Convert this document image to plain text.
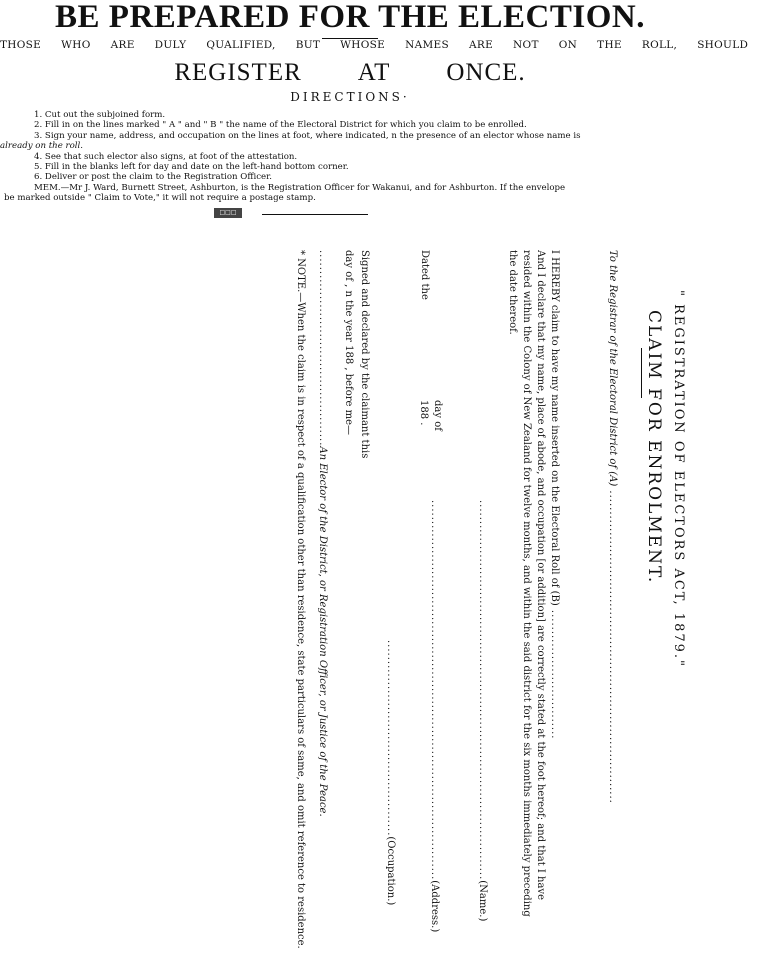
BE PREPARED FOR THE ELECTION.
THOSE WHO ARE DULY QUALIFIED, BUT WHOSE NAMES ARE NOT ON THE ROLL, SHOULD
REGISTER AT ONCE.
DIRECTIONS·
1. Cut out the subjoined form.
2. Fill in on the lines marked " A " and " B " the name of the Electoral District for which you claim to be enrolled.
3. Sign your name, address, and occupation on the lines at foot, where indicated, n the presence of an elector whose name is
already on the roll.
4. See that such elector also signs, at foot of the attestation.
5. Fill in the blanks left for day and date on the left-hand bottom corner.
6. Deliver or post the claim to the Registration Officer.
MEM.—Mr J. Ward, Burnett Street, Ashburton, is the Registration Officer for Wakanui, and for Ashburton. If the envelope
be marked outside " Claim to Vote," it will not require a postage stamp.
□□□
" REGISTRATION OF ELECTORS ACT, 1879."
CLAIM FOR ENROLMENT.
To the Registrar of the Electoral District of (A) ...........................................................................
I HEREBY claim to have my name inserted on the Electoral Roll of (B) ...............................
And I declare that my name, place of abode, and occupation [or addition] are correctly stated at the foot hereof; and that I have
resided within the Colony of New Zealand for twelve months, and within the said district for the six months immediately preceding
the date thereof.
Dated the
day of
188 .
...........................................................................................(Name.)
...........................................................................................(Address.)
...............................................(Occupation.)
Signed and declared by the claimant this
day of , n the year 188 , before me—
...............................................An Elector of the District, or Registration Officer, or Justice of the Peace.
* NOTE.—When the claim is in respect of a qualification other than residence, state particulars of same, and omit reference to residence.
